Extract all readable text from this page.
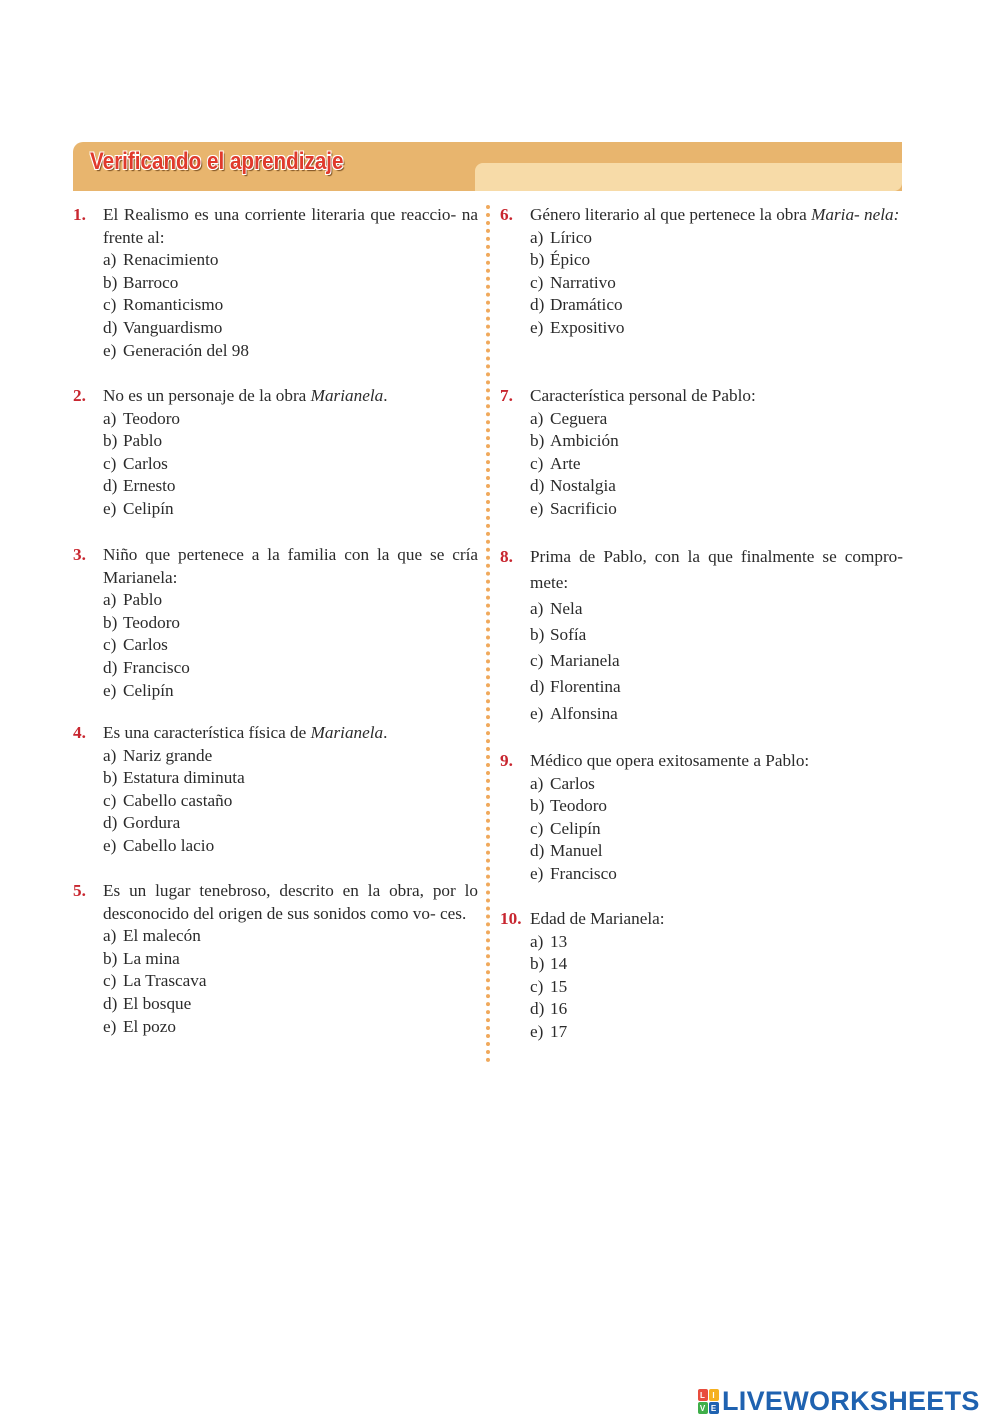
Verificando el aprendizaje
1. El Realismo es una corriente literaria que reaccio- na frente al:
a) Renacimiento
b) Barroco
c) Romanticismo
d) Vanguardismo
e) Generación del 98
2. No es un personaje de la obra Marianela.
a) Teodoro
b) Pablo
c) Carlos
d) Ernesto
e) Celipín
3. Niño que pertenece a la familia con la que se cría Marianela:
a) Pablo
b) Teodoro
c) Carlos
d) Francisco
e) Celipín
4. Es una característica física de Marianela.
a) Nariz grande
b) Estatura diminuta
c) Cabello castaño
d) Gordura
e) Cabello lacio
5. Es un lugar tenebroso, descrito en la obra, por lo desconocido del origen de sus sonidos como vo- ces.
a) El malecón
b) La mina
c) La Trascava
d) El bosque
e) El pozo
6. Género literario al que pertenece la obra Maria- nela:
a) Lírico
b) Épico
c) Narrativo
d) Dramático
e) Expositivo
7. Característica personal de Pablo:
a) Ceguera
b) Ambición
c) Arte
d) Nostalgia
e) Sacrificio
8. Prima de Pablo, con la que finalmente se compro- mete:
a) Nela
b) Sofía
c) Marianela
d) Florentina
e) Alfonsina
9. Médico que opera exitosamente a Pablo:
a) Carlos
b) Teodoro
c) Celipín
d) Manuel
e) Francisco
10. Edad de Marianela:
a) 13
b) 14
c) 15
d) 16
e) 17
L I
V E LIVEWORKSHEETS
